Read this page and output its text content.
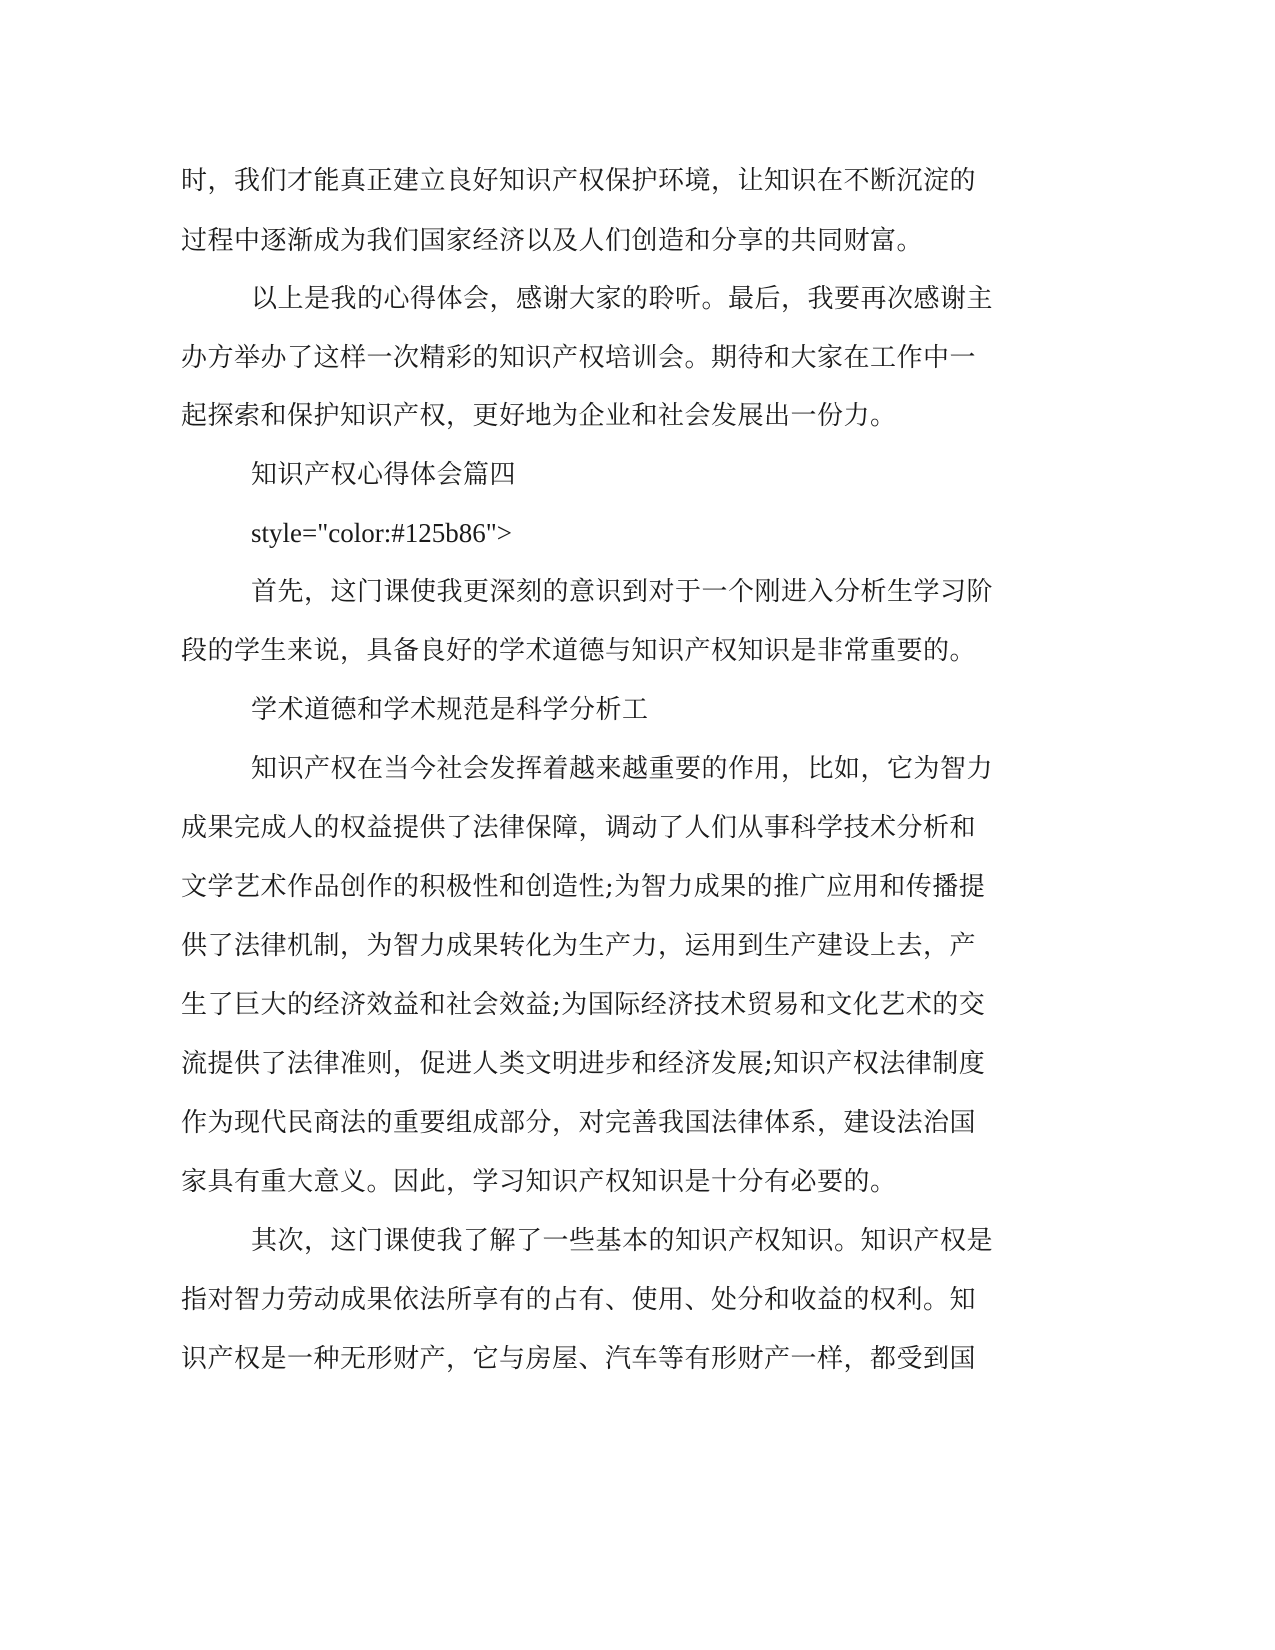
时，我们才能真正建立良好知识产权保护环境，让知识在不断沉淀的
过程中逐渐成为我们国家经济以及人们创造和分享的共同财富。
以上是我的心得体会，感谢大家的聆听。最后，我要再次感谢主
办方举办了这样一次精彩的知识产权培训会。期待和大家在工作中一
起探索和保护知识产权，更好地为企业和社会发展出一份力。
知识产权心得体会篇四
style="color:#125b86">
首先，这门课使我更深刻的意识到对于一个刚进入分析生学习阶
段的学生来说，具备良好的学术道德与知识产权知识是非常重要的。
学术道德和学术规范是科学分析工
知识产权在当今社会发挥着越来越重要的作用，比如，它为智力
成果完成人的权益提供了法律保障，调动了人们从事科学技术分析和
文学艺术作品创作的积极性和创造性;为智力成果的推广应用和传播提
供了法律机制，为智力成果转化为生产力，运用到生产建设上去，产
生了巨大的经济效益和社会效益;为国际经济技术贸易和文化艺术的交
流提供了法律准则，促进人类文明进步和经济发展;知识产权法律制度
作为现代民商法的重要组成部分，对完善我国法律体系，建设法治国
家具有重大意义。因此，学习知识产权知识是十分有必要的。
其次，这门课使我了解了一些基本的知识产权知识。知识产权是
指对智力劳动成果依法所享有的占有、使用、处分和收益的权利。知
识产权是一种无形财产，它与房屋、汽车等有形财产一样，都受到国
